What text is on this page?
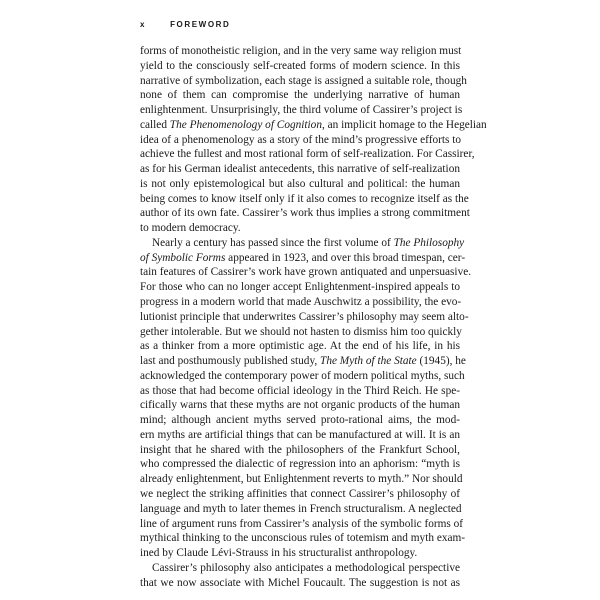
x	FOREWORD
forms of monotheistic religion, and in the very same way religion must
yield to the consciously self-created forms of modern science. In this
narrative of symbolization, each stage is assigned a suitable role, though
none of them can compromise the underlying narrative of human
enlightenment. Unsurprisingly, the third volume of Cassirer’s project is
called The Phenomenology of Cognition, an implicit homage to the Hegelian
idea of a phenomenology as a story of the mind’s progressive efforts to
achieve the fullest and most rational form of self-realization. For Cassirer,
as for his German idealist antecedents, this narrative of self-realization
is not only epistemological but also cultural and political: the human
being comes to know itself only if it also comes to recognize itself as the
author of its own fate. Cassirer’s work thus implies a strong commitment
to modern democracy.
Nearly a century has passed since the first volume of The Philosophy
of Symbolic Forms appeared in 1923, and over this broad timespan, cer-
tain features of Cassirer’s work have grown antiquated and unpersuasive.
For those who can no longer accept Enlightenment-inspired appeals to
progress in a modern world that made Auschwitz a possibility, the evo-
lutionist principle that underwrites Cassirer’s philosophy may seem alto-
gether intolerable. But we should not hasten to dismiss him too quickly
as a thinker from a more optimistic age. At the end of his life, in his
last and posthumously published study, The Myth of the State (1945), he
acknowledged the contemporary power of modern political myths, such
as those that had become official ideology in the Third Reich. He spe-
cifically warns that these myths are not organic products of the human
mind; although ancient myths served proto-rational aims, the mod-
ern myths are artificial things that can be manufactured at will. It is an
insight that he shared with the philosophers of the Frankfurt School,
who compressed the dialectic of regression into an aphorism: “myth is
already enlightenment, but Enlightenment reverts to myth.” Nor should
we neglect the striking affinities that connect Cassirer’s philosophy of
language and myth to later themes in French structuralism. A neglected
line of argument runs from Cassirer’s analysis of the symbolic forms of
mythical thinking to the unconscious rules of totemism and myth exam-
ined by Claude Lévi-Strauss in his structuralist anthropology.
Cassirer’s philosophy also anticipates a methodological perspective
that we now associate with Michel Foucault. The suggestion is not as
